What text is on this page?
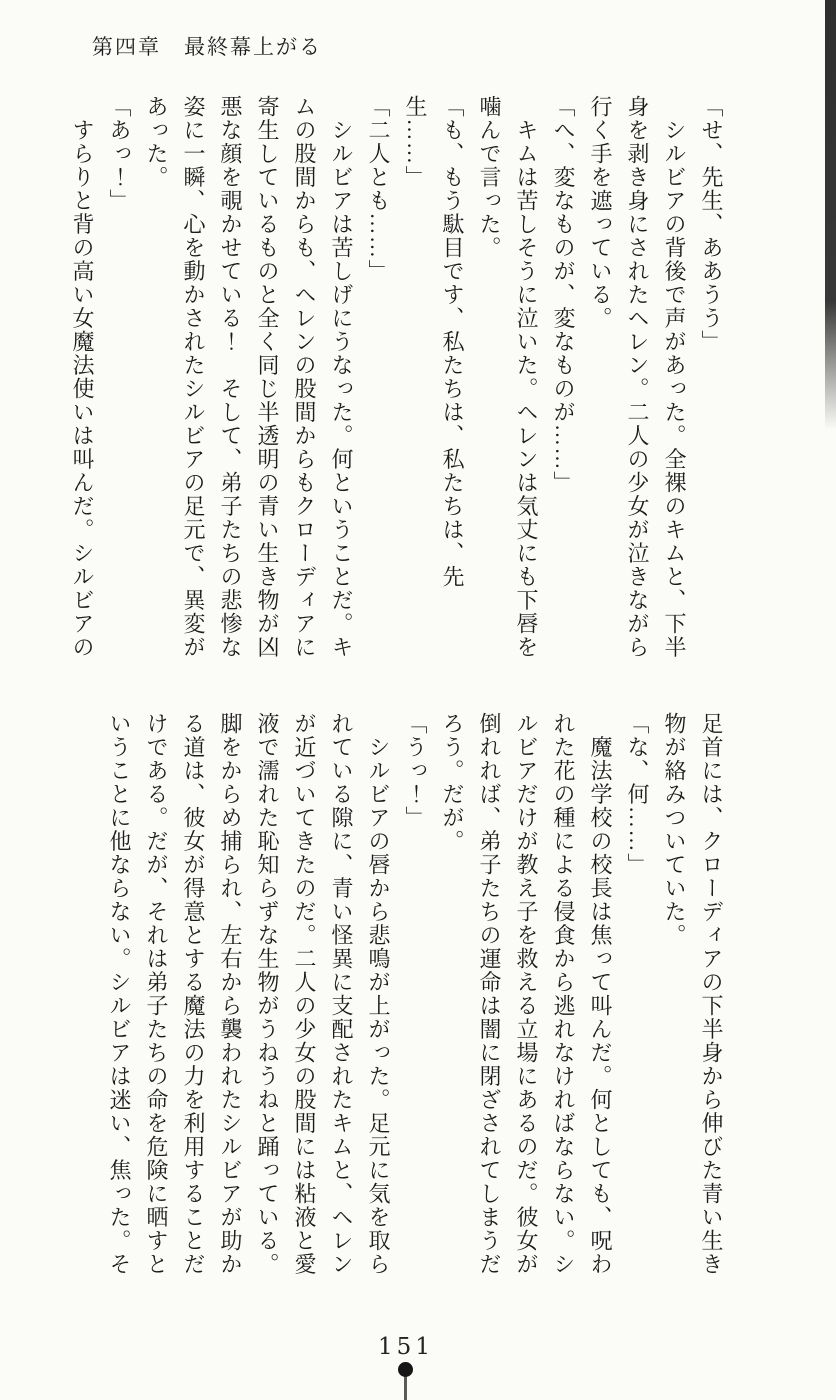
第四章　最終幕上がる

「せ、先生、ああうう」

　シルビアの背後で声があった。全裸のキムと、下半身を剥き身にされたヘレン。二人の少女が泣きながら行く手を遮っている。

「へ、変なものが、変なものが……」

　キムは苦しそうに泣いた。ヘレンは気丈にも下唇を噛んで言った。

「も、もう駄目です、私たちは、私たちは、先生……」

「二人とも……」

　シルビアは苦しげにうなった。何ということだ。キムの股間からも、ヘレンの股間からもクローディアに寄生しているものと全く同じ半透明の青い生き物が凶悪な顔を覗かせている！　そして、弟子たちの悲惨な姿に一瞬、心を動かされたシルビアの足元で、異変があった。

「あっ！」

　すらりと背の高い女魔法使いは叫んだ。シルビアの

足首には、クローディアの下半身から伸びた青い生き物が絡みついていた。

「な、何……」

　魔法学校の校長は焦って叫んだ。何としても、呪われた花の種による侵食から逃れなければならない。シルビアだけが教え子を救える立場にあるのだ。彼女が倒れれば、弟子たちの運命は闇に閉ざされてしまうだろう。だが。

「うっ！」

　シルビアの唇から悲鳴が上がった。足元に気を取られている隙に、青い怪異に支配されたキムと、ヘレンが近づいてきたのだ。二人の少女の股間には粘液と愛液で濡れた恥知らずな生物がうねうねと踊っている。脚をからめ捕られ、左右から襲われたシルビアが助かる道は、彼女が得意とする魔法の力を利用することだけである。だが、それは弟子たちの命を危険に晒すということに他ならない。シルビアは迷い、焦った。そ

151
